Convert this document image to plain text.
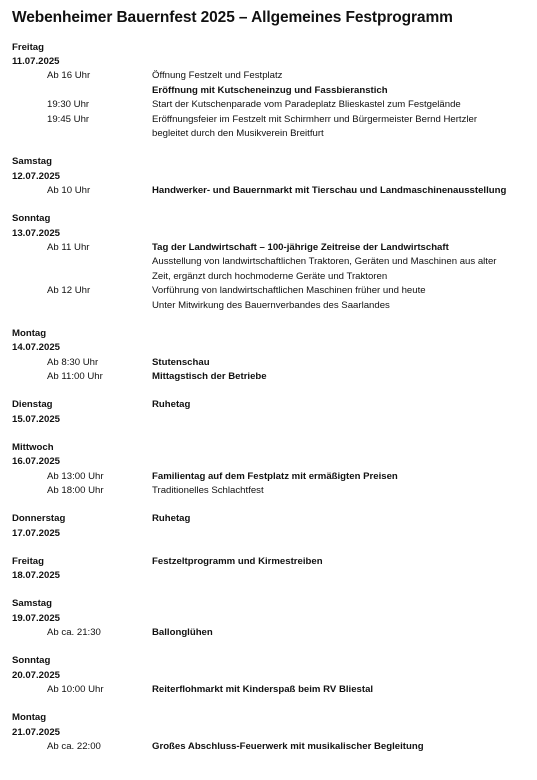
Webenheimer Bauernfest 2025 – Allgemeines Festprogramm
Freitag
11.07.2025
Ab 16 Uhr	Öffnung Festzelt und Festplatz
Eröffnung mit Kutscheneinzug und Fassbieranstich
19:30 Uhr	Start der Kutschenparade vom Paradeplatz Blieskastel zum Festgelände
19:45 Uhr	Eröffnungsfeier im Festzelt mit Schirmherr und Bürgermeister Bernd Hertzler
begleitet durch den Musikverein Breitfurt
Samstag
12.07.2025
Ab 10 Uhr	Handwerker- und Bauernmarkt mit Tierschau und Landmaschinenausstellung
Sonntag
13.07.2025
Ab 11 Uhr	Tag der Landwirtschaft – 100-jährige Zeitreise der Landwirtschaft
Ausstellung von landwirtschaftlichen Traktoren, Geräten und Maschinen aus alter
Zeit, ergänzt durch hochmoderne Geräte und Traktoren
Ab 12 Uhr	Vorführung von landwirtschaftlichen Maschinen früher und heute
Unter Mitwirkung des Bauernverbandes des Saarlandes
Montag
14.07.2025
Ab 8:30 Uhr	Stutenschau
Ab 11:00 Uhr	Mittagstisch der Betriebe
Dienstag	Ruhetag
15.07.2025
Mittwoch
16.07.2025
Ab 13:00 Uhr	Familientag auf dem Festplatz mit ermäßigten Preisen
Ab 18:00 Uhr	Traditionelles Schlachtfest
Donnerstag	Ruhetag
17.07.2025
Freitag	Festzeltprogramm und Kirmestreiben
18.07.2025
Samstag
19.07.2025
Ab ca. 21:30	Ballonglühen
Sonntag
20.07.2025
Ab 10:00 Uhr	Reiterflohmarkt mit Kinderspaß beim RV Bliestal
Montag
21.07.2025
Ab ca. 22:00	Großes Abschluss-Feuerwerk mit musikalischer Begleitung
